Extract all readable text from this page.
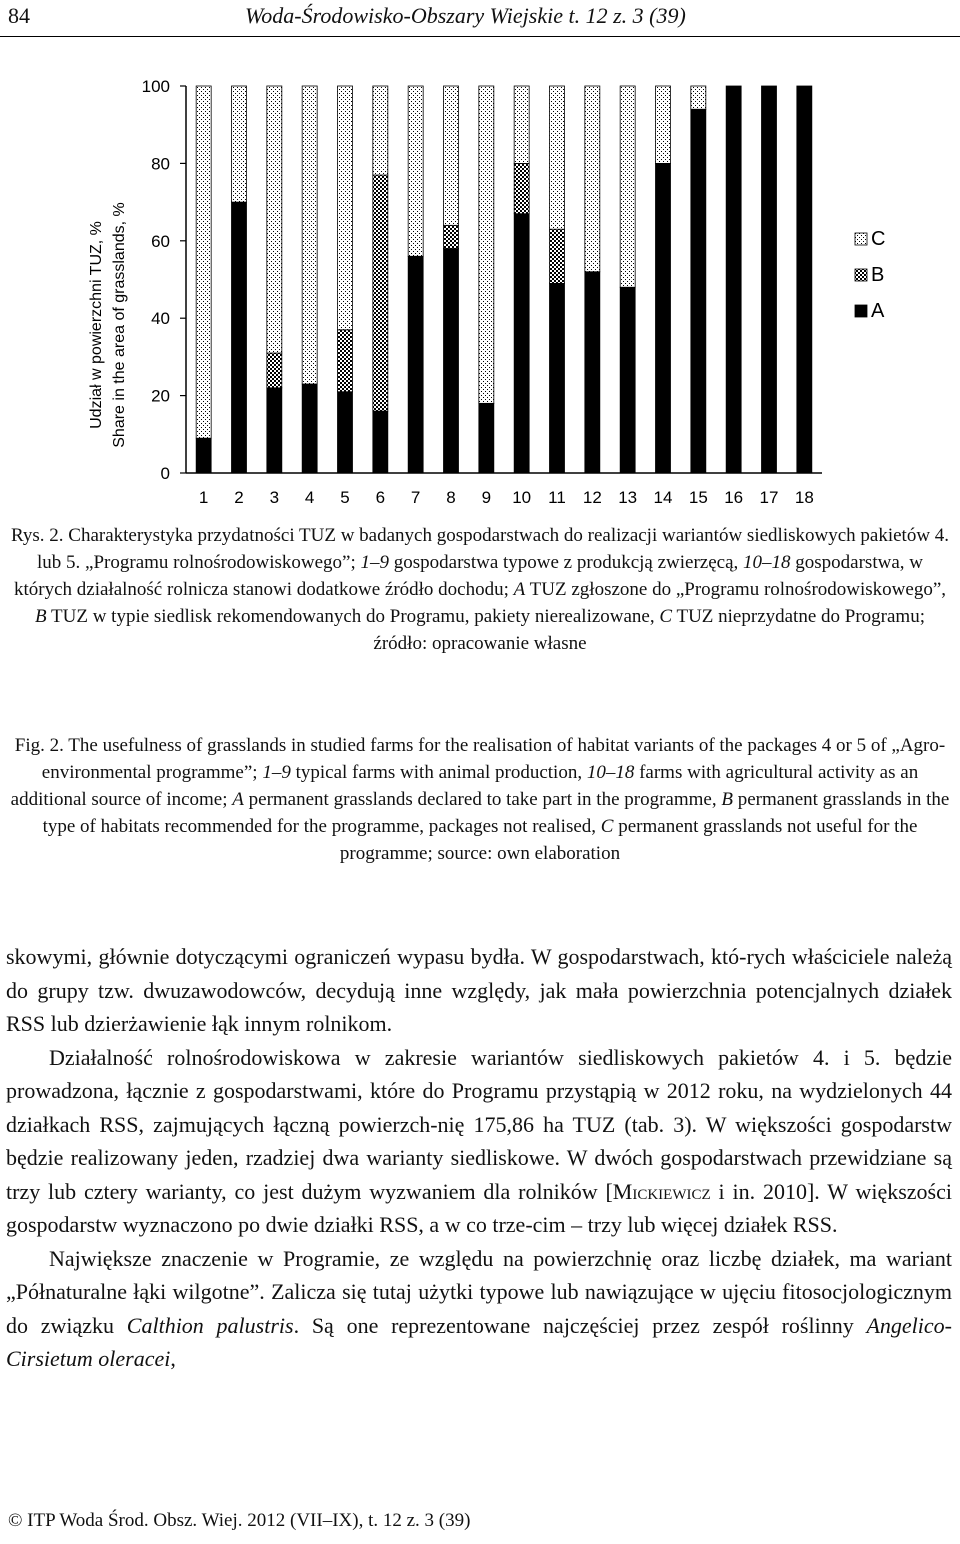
84	Woda-Środowisko-Obszary Wiejskie t. 12 z. 3 (39)
0
20
40
60
80
100
1 2 3 4 5 6 7 8 9 10 11 12 13 14 15 16 17 18
Udział w powierzchni TUZ, % Share in the area of grasslands, %	C
B
A
Rys. 2. Charakterystyka przydatności TUZ w badanych gospodarstwach do realizacji wariantów siedliskowych pakietów 4. lub 5. „Programu rolnośrodowiskowego”; 1–9 gospodarstwa typowe z produkcją zwierzęcą, 10–18 gospodarstwa, w których działalność rolnicza stanowi dodatkowe źródło dochodu; A TUZ zgłoszone do „Programu rolnośrodowiskowego”, B TUZ w typie siedlisk rekomendowanych do Programu, pakiety nierealizowane, C TUZ nieprzydatne do Programu; źródło: opracowanie własne
Fig. 2. The usefulness of grasslands in studied farms for the realisation of habitat variants of the packages 4 or 5 of „Agro-environmental programme”; 1–9 typical farms with animal production, 10–18 farms with agricultural activity as an additional source of income; A permanent grasslands declared to take part in the programme, B permanent grasslands in the type of habitats recommended for the programme, packages not realised, C permanent grasslands not useful for the programme; source: own elaboration

skowymi, głównie dotyczącymi ograniczeń wypasu bydła. W gospodarstwach, któ-rych właściciele należą do grupy tzw. dwuzawodowców, decydują inne względy, jak mała powierzchnia potencjalnych działek RSS lub dzierżawienie łąk innym rolnikom.

Działalność rolnośrodowiskowa w zakresie wariantów siedliskowych pakietów 4. i 5. będzie prowadzona, łącznie z gospodarstwami, które do Programu przystąpią w 2012 roku, na wydzielonych 44 działkach RSS, zajmujących łączną powierzch-nię 175,86 ha TUZ (tab. 3). W większości gospodarstw będzie realizowany jeden, rzadziej dwa warianty siedliskowe. W dwóch gospodarstwach przewidziane są trzy lub cztery warianty, co jest dużym wyzwaniem dla rolników [Mickiewicz i in. 2010]. W większości gospodarstw wyznaczono po dwie działki RSS, a w co trze-cim – trzy lub więcej działek RSS.

Największe znaczenie w Programie, ze względu na powierzchnię oraz liczbę działek, ma wariant „Półnaturalne łąki wilgotne”. Zalicza się tutaj użytki typowe lub nawiązujące w ujęciu fitosocjologicznym do związku Calthion palustris. Są one reprezentowane najczęściej przez zespół roślinny Angelico-Cirsietum oleracei,

© ITP Woda Środ. Obsz. Wiej. 2012 (VII–IX), t. 12 z. 3 (39)
